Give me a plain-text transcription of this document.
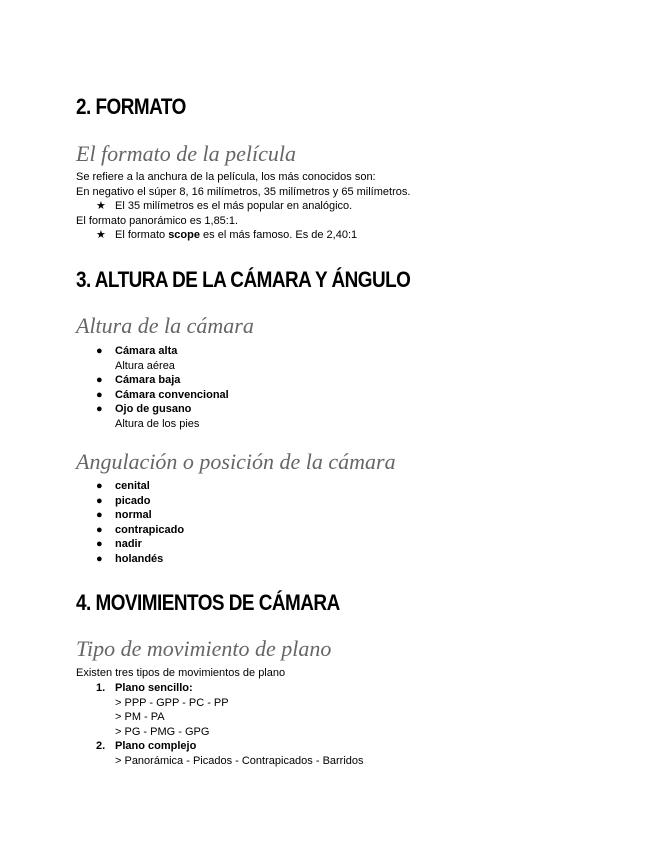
2. FORMATO
El formato de la película

Se refiere a la anchura de la película, los más conocidos son:

En negativo el súper 8, 16 milímetros, 35 milímetros y 65 milímetros.

★ El 35 milímetros es el más popular en analógico.

El formato panorámico es 1,85:1.

★ El formato scope es el más famoso. Es de 2,40:1
3. ALTURA DE LA CÁMARA Y ÁNGULO
Altura de la cámara
● Cámara alta
Altura aérea
● Cámara baja
● Cámara convencional
● Ojo de gusano
Altura de los pies
Angulación o posición de la cámara
● cenital
● picado
● normal
● contrapicado
● nadir
● holandés
4. MOVIMIENTOS DE CÁMARA
Tipo de movimiento de plano

Existen tres tipos de movimientos de plano

1. Plano sencillo:
> PPP - GPP - PC - PP
> PM - PA
> PG - PMG - GPG
2. Plano complejo
> Panorámica - Picados - Contrapicados - Barridos
